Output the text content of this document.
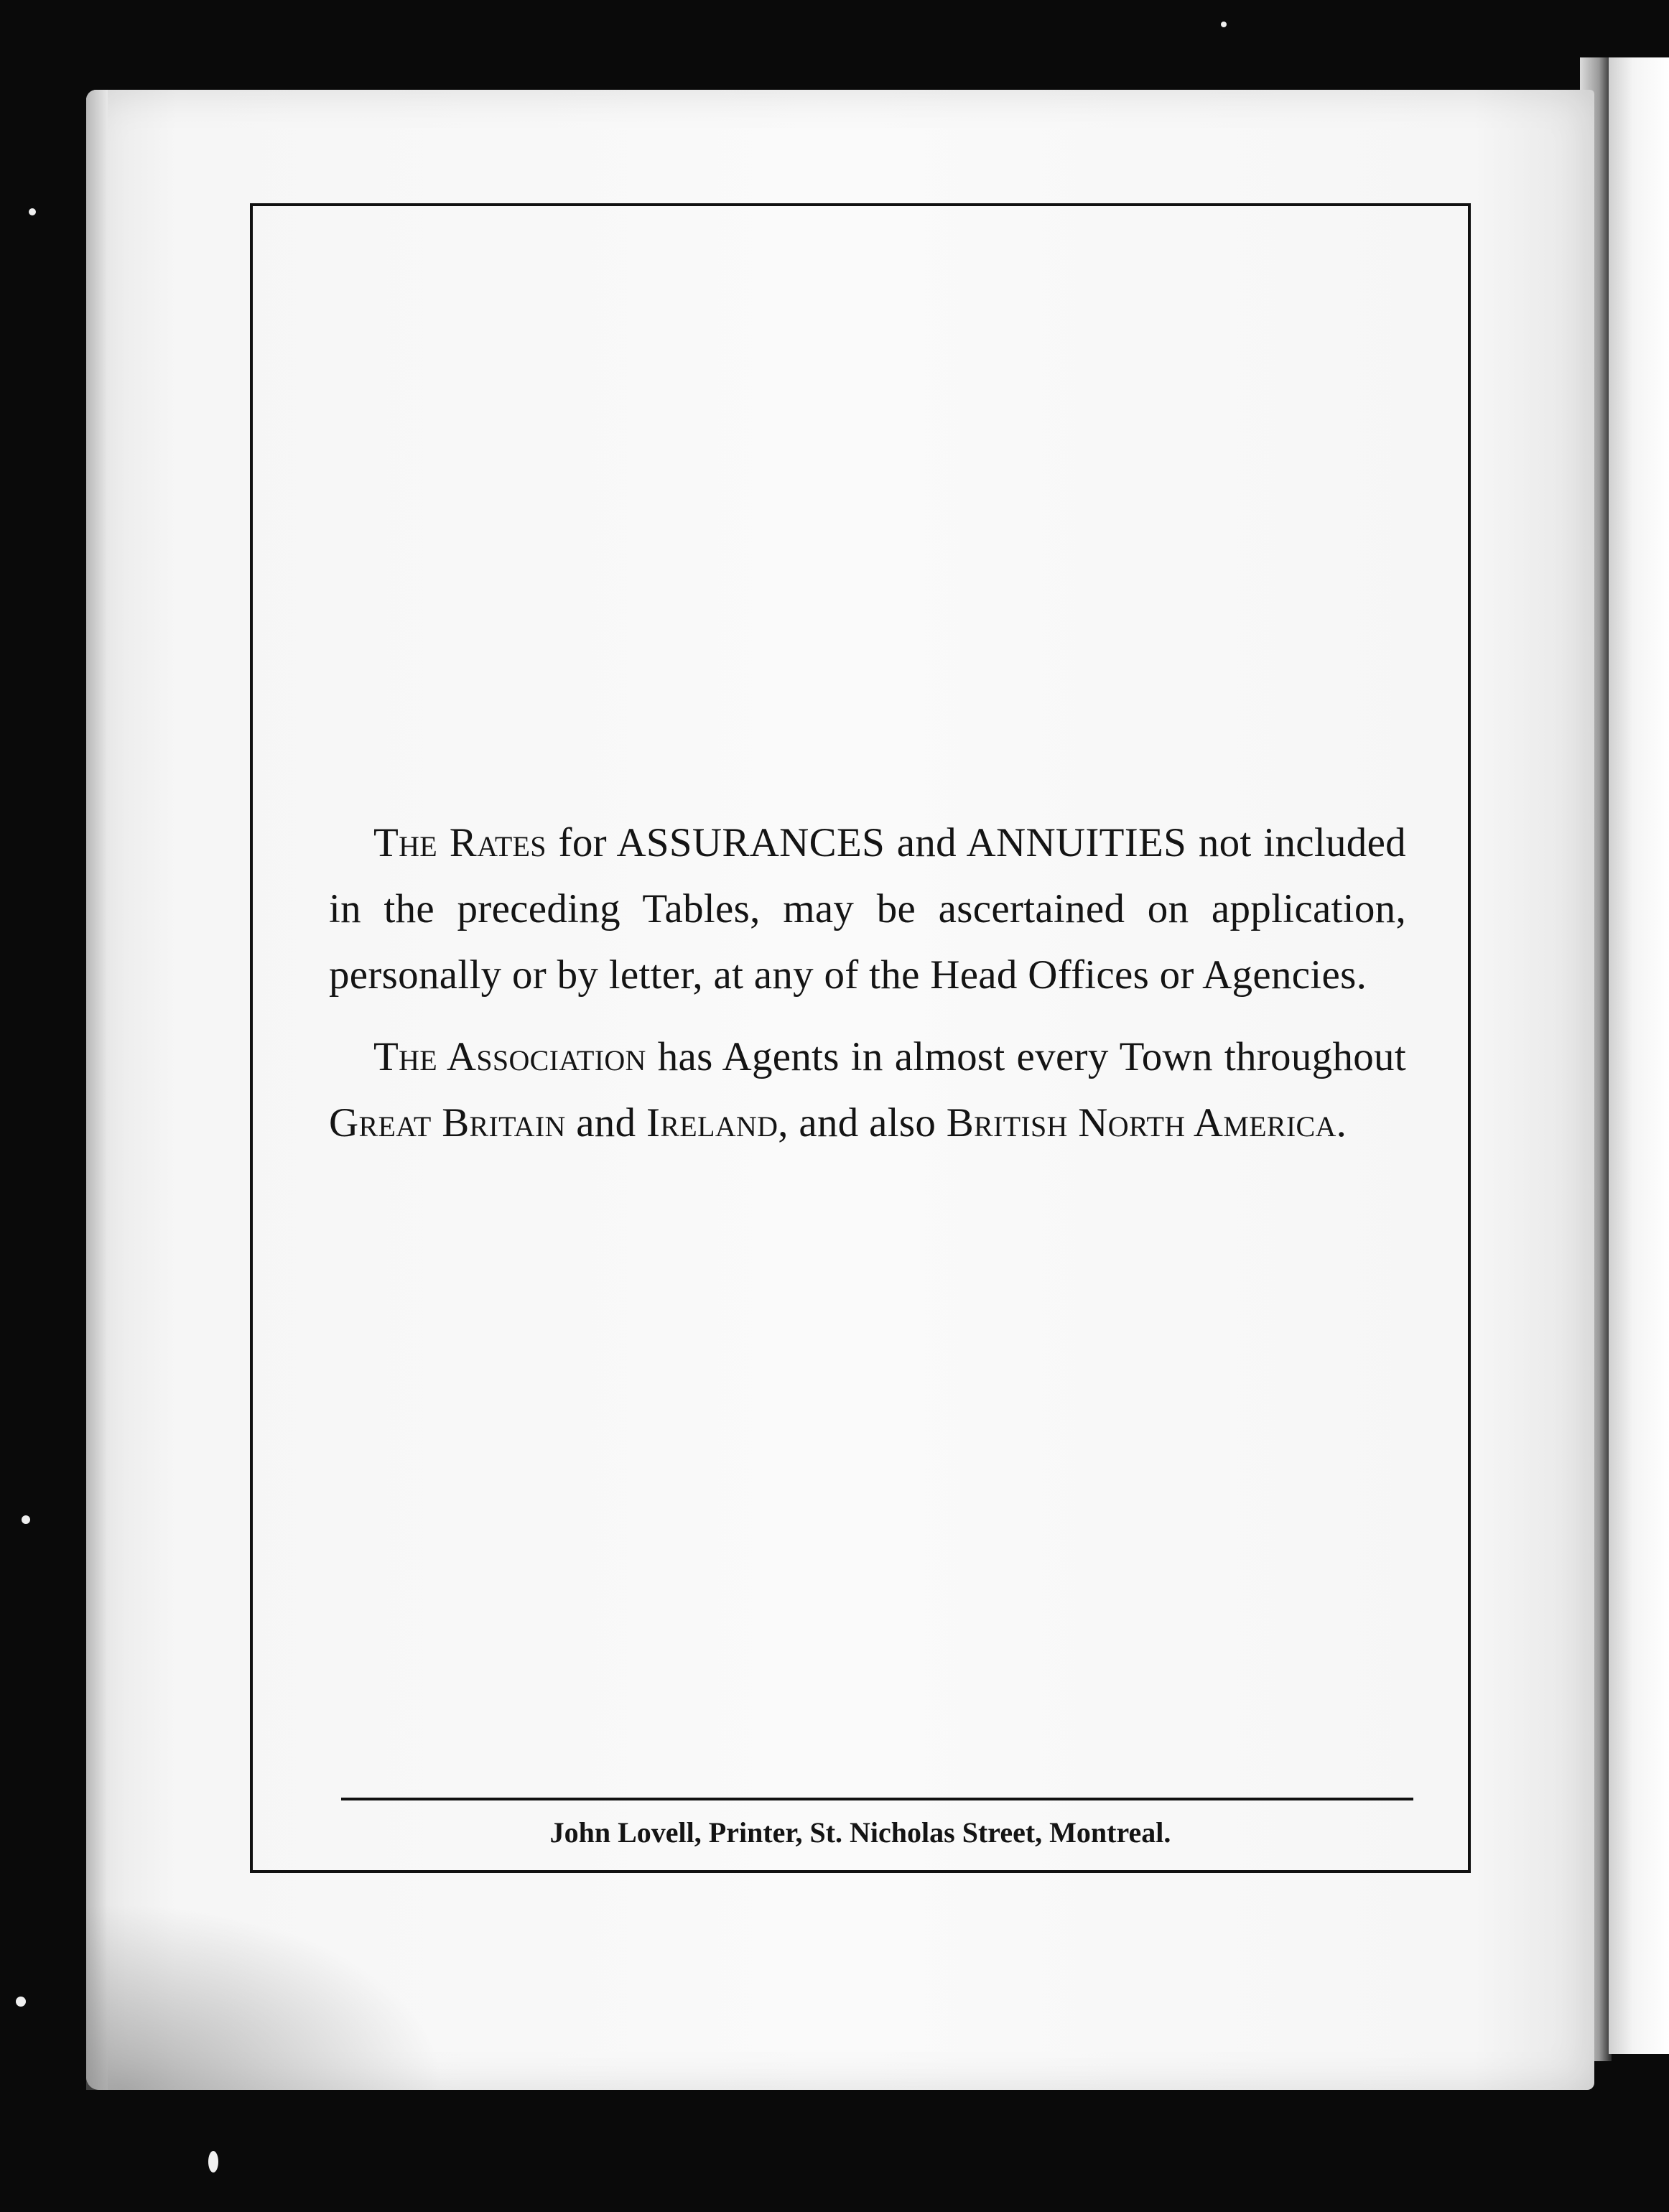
The Rates for ASSURANCES and ANNUITIES not included in the preceding Tables, may be ascertained on application, personally or by letter, at any of the Head Offices or Agencies.

The Association has Agents in almost every Town throughout Great Britain and Ireland, and also British North America.

John Lovell, Printer, St. Nicholas Street, Montreal.
